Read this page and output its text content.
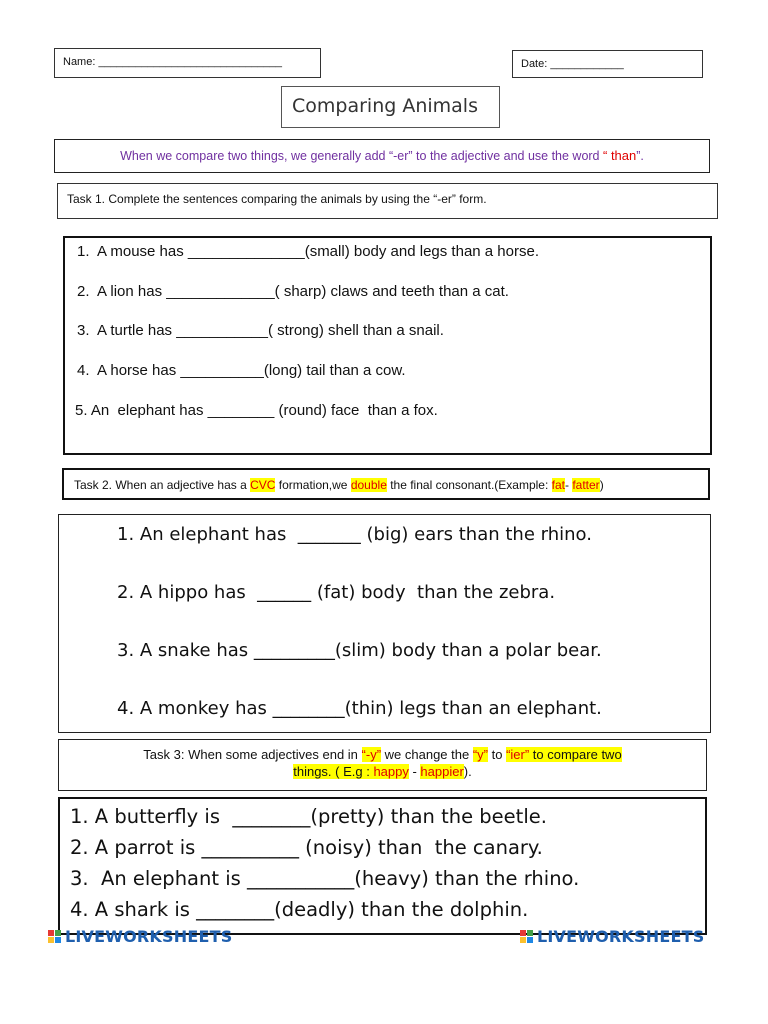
Name: ______________________________	Date: ____________
Comparing Animals
When we compare two things, we generally add “-er” to the adjective and use the word “ than”.
Task 1. Complete the sentences comparing the animals by using the “-er” form.
1.  A mouse has ______________(small) body and legs than a horse.
2.  A lion has _____________( sharp) claws and teeth than a cat.
3.  A turtle has ___________( strong) shell than a snail.
4.  A horse has __________(long) tail than a cow.
5. An  elephant has ________ (round) face  than a fox.
Task 2. When an adjective has a CVC formation,we double the final consonant.(Example: fat- fatter)
1. An elephant has  _______ (big) ears than the rhino.
2. A hippo has  ______ (fat) body  than the zebra.
3. A snake has _________(slim) body than a polar bear.
4. A monkey has ________(thin) legs than an elephant.
Task 3: When some adjectives end in “-y” we change the “y” to “ier” to compare two
things. ( E.g : happy - happier).
1. A butterfly is  ________(pretty) than the beetle.
2. A parrot is __________ (noisy) than  the canary.
3.  An elephant is ___________(heavy) than the rhino.
4. A shark is ________(deadly) than the dolphin.
LIVEWORKSHEETS	LIVEWORKSHEETS
